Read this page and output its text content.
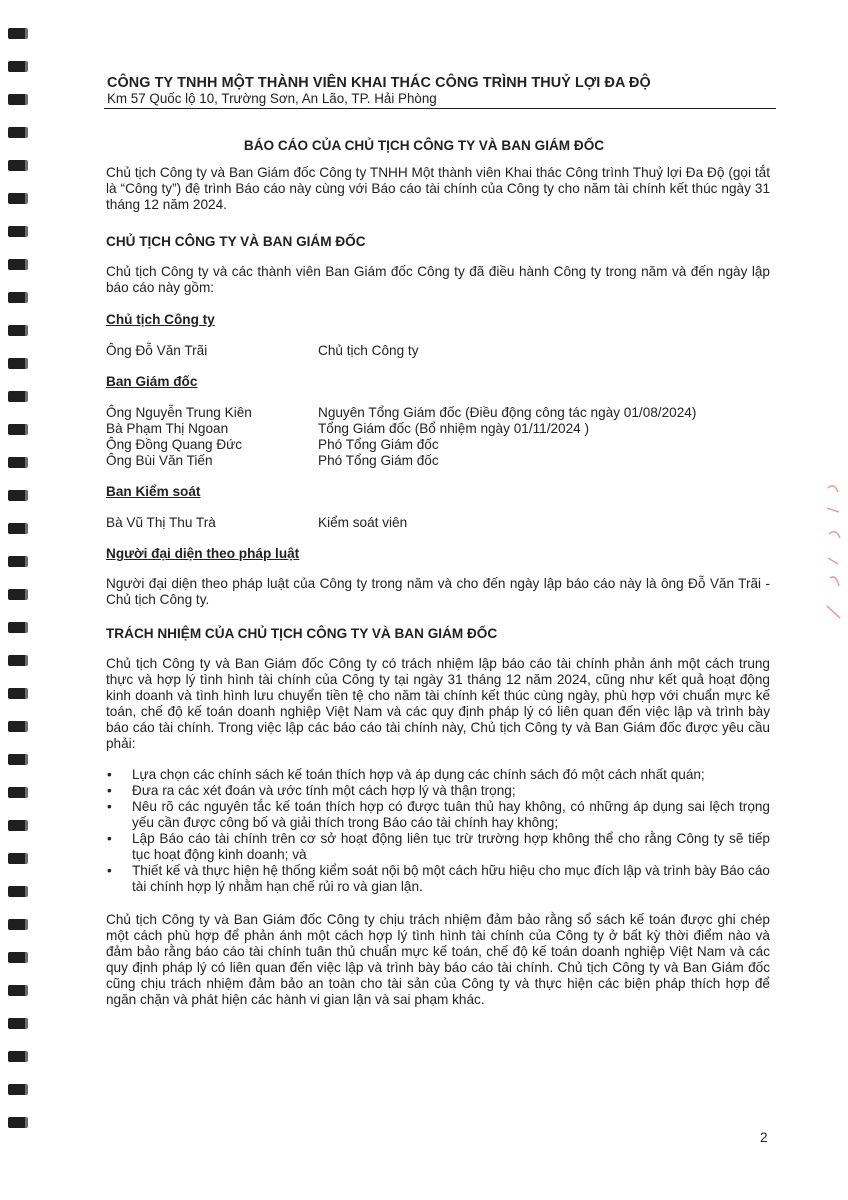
CÔNG TY TNHH MỘT THÀNH VIÊN KHAI THÁC CÔNG TRÌNH THUỶ LỢI ĐA ĐỘ
Km 57 Quốc lộ 10, Trường Sơn, An Lão, TP. Hải Phòng
BÁO CÁO CỦA CHỦ TỊCH CÔNG TY VÀ BAN GIÁM ĐỐC
Chủ tịch Công ty và Ban Giám đốc Công ty TNHH Một thành viên Khai thác Công trình Thuỷ lợi Đa Độ (gọi tắt là “Công ty”) đệ trình Báo cáo này cùng với Báo cáo tài chính của Công ty cho năm tài chính kết thúc ngày 31 tháng 12 năm 2024.
CHỦ TỊCH CÔNG TY VÀ BAN GIÁM ĐỐC
Chủ tịch Công ty và các thành viên Ban Giám đốc Công ty đã điều hành Công ty trong năm và đến ngày lập báo cáo này gồm:
Chủ tịch Công ty
Ông Đỗ Văn Trãi	Chủ tịch Công ty
Ban Giám đốc
Ông Nguyễn Trung Kiên	Nguyên Tổng Giám đốc (Điều động công tác ngày 01/08/2024)
Bà Phạm Thị Ngoan	Tổng Giám đốc (Bổ nhiệm ngày 01/11/2024 )
Ông Đồng Quang Đức	Phó Tổng Giám đốc
Ông Bùi Văn Tiến	Phó Tổng Giám đốc
Ban Kiểm soát
Bà Vũ Thị Thu Trà	Kiểm soát viên
Người đại diện theo pháp luật
Người đại diện theo pháp luật của Công ty trong năm và cho đến ngày lập báo cáo này là ông Đỗ Văn Trãi - Chủ tịch Công ty.
TRÁCH NHIỆM CỦA CHỦ TỊCH CÔNG TY VÀ BAN GIÁM ĐỐC
Chủ tịch Công ty và Ban Giám đốc Công ty có trách nhiệm lập báo cáo tài chính phản ánh một cách trung thực và hợp lý tình hình tài chính của Công ty tại ngày 31 tháng 12 năm 2024, cũng như kết quả hoạt động kinh doanh và tình hình lưu chuyển tiền tệ cho năm tài chính kết thúc cùng ngày, phù hợp với chuẩn mực kế toán, chế độ kế toán doanh nghiệp Việt Nam và các quy định pháp lý có liên quan đến việc lập và trình bày báo cáo tài chính. Trong việc lập các báo cáo tài chính này, Chủ tịch Công ty và Ban Giám đốc được yêu cầu phải:
• Lựa chọn các chính sách kế toán thích hợp và áp dụng các chính sách đó một cách nhất quán;
• Đưa ra các xét đoán và ước tính một cách hợp lý và thận trọng;
• Nêu rõ các nguyên tắc kế toán thích hợp có được tuân thủ hay không, có những áp dụng sai lệch trọng yếu cần được công bố và giải thích trong Báo cáo tài chính hay không;
• Lập Báo cáo tài chính trên cơ sở hoạt động liên tục trừ trường hợp không thể cho rằng Công ty sẽ tiếp tục hoạt động kinh doanh; và
• Thiết kế và thực hiện hệ thống kiểm soát nội bộ một cách hữu hiệu cho mục đích lập và trình bày Báo cáo tài chính hợp lý nhằm hạn chế rủi ro và gian lận.
Chủ tịch Công ty và Ban Giám đốc Công ty chịu trách nhiệm đảm bảo rằng sổ sách kế toán được ghi chép một cách phù hợp để phản ánh một cách hợp lý tình hình tài chính của Công ty ở bất kỳ thời điểm nào và đảm bảo rằng báo cáo tài chính tuân thủ chuẩn mực kế toán, chế độ kế toán doanh nghiệp Việt Nam và các quy định pháp lý có liên quan đến việc lập và trình bày báo cáo tài chính. Chủ tịch Công ty và Ban Giám đốc cũng chịu trách nhiệm đảm bảo an toàn cho tài sản của Công ty và thực hiện các biện pháp thích hợp để ngăn chặn và phát hiện các hành vi gian lận và sai phạm khác.
2
